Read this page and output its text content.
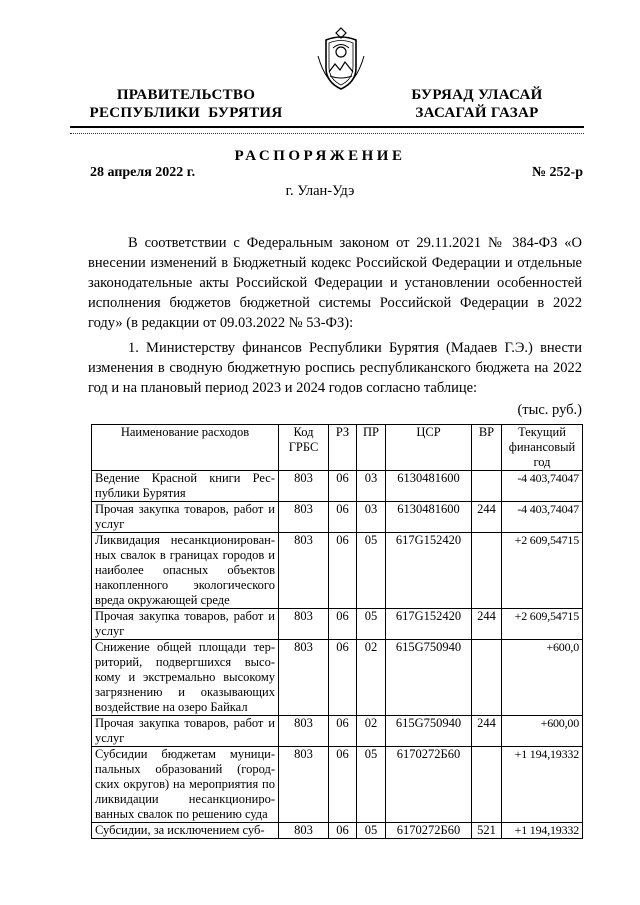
ПРАВИТЕЛЬСТВО
РЕСПУБЛИКИ  БУРЯТИЯ
БУРЯАД УЛАСАЙ
ЗАСАГАЙ ГАЗАР
РАСПОРЯЖЕНИЕ
28 апреля 2022 г.	№ 252-р
г. Улан-Удэ
В соответствии с Федеральным законом от 29.11.2021 № 384-ФЗ «О внесении изменений в Бюджетный кодекс Российской Федерации и отдельные законодательные акты Российской Федерации и установлении особенностей исполнения бюджетов бюджетной системы Российской Федерации в 2022 году» (в редакции от 09.03.2022 № 53-ФЗ):
1. Министерству финансов Республики Бурятия (Мадаев Г.Э.) внести изменения в сводную бюджетную роспись республиканского бюджета на 2022 год и на плановый период 2023 и 2024 годов согласно таблице:
(тыс. руб.)
Наименование расходов	Код ГРБС	РЗ	ПР	ЦСР	ВР	Текущий финансовый год
Ведение Красной книги Рес-публики Бурятия	803	06	03	6130481600		-4 403,74047
Прочая закупка товаров, работ и услуг	803	06	03	6130481600	244	-4 403,74047
Ликвидация несанкционирован-ных свалок в границах городов и наиболее опасных объектов накопленного экологического вреда окружающей среде	803	06	05	617G152420		+2 609,54715
Прочая закупка товаров, работ и услуг	803	06	05	617G152420	244	+2 609,54715
Снижение общей площади тер-риторий, подвергшихся высо-кому и экстремально высокому загрязнению и оказывающих воздействие на озеро Байкал	803	06	02	615G750940		+600,0
Прочая закупка товаров, работ и услуг	803	06	02	615G750940	244	+600,00
Субсидии бюджетам муници-пальных образований (город-ских округов) на мероприятия по ликвидации несанкциониро-ванных свалок по решению суда	803	06	05	6170272Б60		+1 194,19332
Субсидии, за исключением суб-	803	06	05	6170272Б60	521	+1 194,19332
